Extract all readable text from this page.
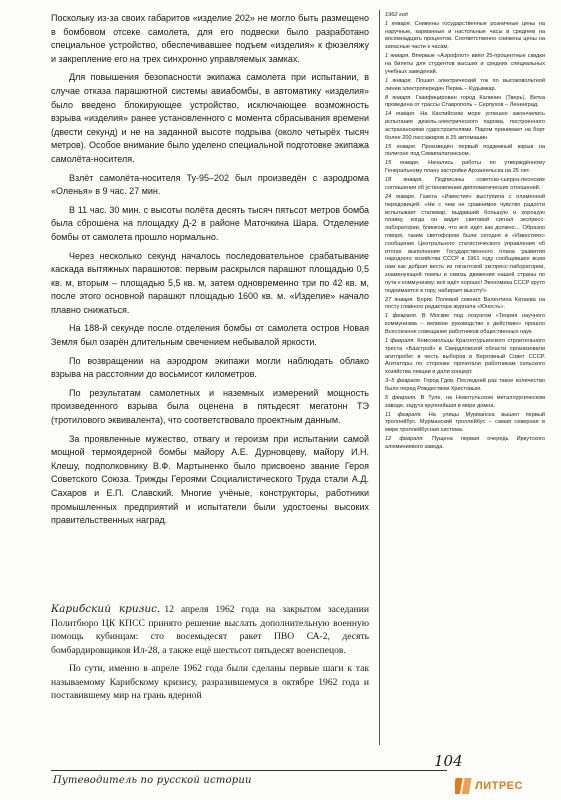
Поскольку из-за своих габаритов «изделие 202» не могло быть размещено в бомбовом отсеке самолета, для его подвески было разработано специальное устройство, обеспечивавшее подъем «изделия» к фюзеляжу и закрепление его на трех синхронно управляемых замках.

Для повышения безопасности экипажа самолета при испытании, в случае отказа парашютной системы авиабомбы, в автоматику «изделия» было введено блокирующее устройство, исключающее возможность взрыва «изделия» ранее установленного с момента сбрасывания времени (двести секунд) и не на заданной высоте подрыва (около четырёх тысяч метров). Особое внимание было уделено специальной подготовке экипажа самолёта-носителя.

Взлёт самолёта-носителя Ту-95–202 был произведён с аэродрома «Оленья» в 9 час. 27 мин.

В 11 час. 30 мин. с высоты полёта десять тысяч пятьсот метров бомба была сброшена на площадку Д-2 в районе Маточкина Шара. Отделение бомбы от самолета прошло нормально.

Через несколько секунд началось последовательное срабатывание каскада вытяжных парашютов: первым раскрылся парашют площадью 0,5 кв. м, вторым – площадью 5,5 кв. м, затем одновременно три по 42 кв. м, после этого основной парашют площадью 1600 кв. м. «Изделие» начало плавно снижаться.

На 188-й секунде после отделения бомбы от самолета остров Новая Земля был озарён длительным свечением небывалой яркости.

По возвращении на аэродром экипажи могли наблюдать облако взрыва на расстоянии до восьмисот километров.

По результатам самолетных и наземных измерений мощность произведенного взрыва была оценена в пятьдесят мегатонн ТЭ (тротилового эквивалента), что соответствовало проектным данным.

За проявленные мужество, отвагу и героизм при испытании самой мощной термоядерной бомбы майору А.Е. Дурновцеву, майору И.Н. Клешу, подполковнику В.Ф. Мартыненко было присвоено звание Героя Советского Союза. Трижды Героями Социалистического Труда стали А.Д. Сахаров и Е.П. Славский. Многие учёные, конструкторы, работники промышленных предприятий и испытатели были удостоены высоких правительственных наград.

Карибский кризис. 12 апреля 1962 года на закрытом заседании Политбюро ЦК КПСС принято решение выслать дополнительную военную помощь кубинцам: сто восемьдесят ракет ПВО СА-2, десять бомбардировщиков Ил-28, а также ещё шестьсот пятьдесят военспецов.

По сути, именно в апреле 1962 года были сделаны первые шаги к так называемому Карибскому кризису, разразившемуся в октябре 1962 года и поставившему мир на грань ядерной

1962 год

1 января. Снижены государственные розничные цены на наручные, карманные и настольные часы в среднем на восемнадцать процентов. Соответственно снижены цены на запасные части к часам.

1 января. Впервые «Аэрофлот» ввёл 25-процентные скидки на билеты для студентов высших и средних специальных учебных заведений.

1 января. Пошел электрический ток по высоковольтной линии электропередач Пермь – Кудымкар.

8 января. Газифицирован город Калинин (Тверь). Ветка проведена от трассы Ставрополь – Серпухов – Ленинград.

14 января. На Каспийском море успешно закончились испытания дизель-электрического парома, построенного астраханскими судостроителями. Паром принимает на борт более 200 пассажиров и 25 автомашин.

15 января. Произведён первый подземный взрыв на полигоне под Семипалатинском.

15 января. Начались работы по утверждённому Генеральному плану застройки Архангельска на 25 лет.

18 января. Подписаны советско-сьерра-леонские соглашения об установлении дипломатических отношений.

24 января. Газета «Известия» выступила с пламенной передовицей: «Ни с чем не сравнимое чувство радости испытывает сталевар, выдавший большую и хорошую плавку, когда он видит световой сигнал экспресс-лаборатории, блинком, что всё идёт как должно… Образно говоря, таким светофором были сегодня в «Известиях» сообщение Центрального статистического управления об итогах выполнения Государственного плана развития народного хозяйства СССР в 1961 году сообщившее всем нам как добрая весть из гигантской экспресс-лаборатории, знаменующей темпы и сквозь движения нашей страны по пути к коммунизму: всё идёт хорошо! Экономика СССР круто поднимается в гору, набирает высоту!»

27 января. Борис Полевой сменил Валентина Катаева на посту главного редактора журнала «Юность».

1 февраля. В Москве под лозунгом «Теория научного коммунизма – великое руководство к действию» прошло Всесоюзное совещание работников общественных наук.

1 февраля. Комсомольцы Краснотурьинского строительного треста «Базстрой» в Свердловской области организовали агитпробег в честь выборов в Верховный Совет СССР. Агитаторы по сторонке прочитали работникам сельского хозяйства лекции и дали концерт.

3–5 февраля. Город Гдов, Последний раз такое количество было перед Рождеством Христовым.

5 февраля. В Туле, на Новотульском металлургическом заводе, задута крупнейшая в мире домна.

11 февраля. На улицы Мурманска вышел первый троллейбус. Мурманский троллейбус – самая северная в мире троллейбусная система.

12 февраля. Пущена первая очередь Иркутского алюминиевого завода.

104
Путеводитель по русской истории	ЛИТРЕС
